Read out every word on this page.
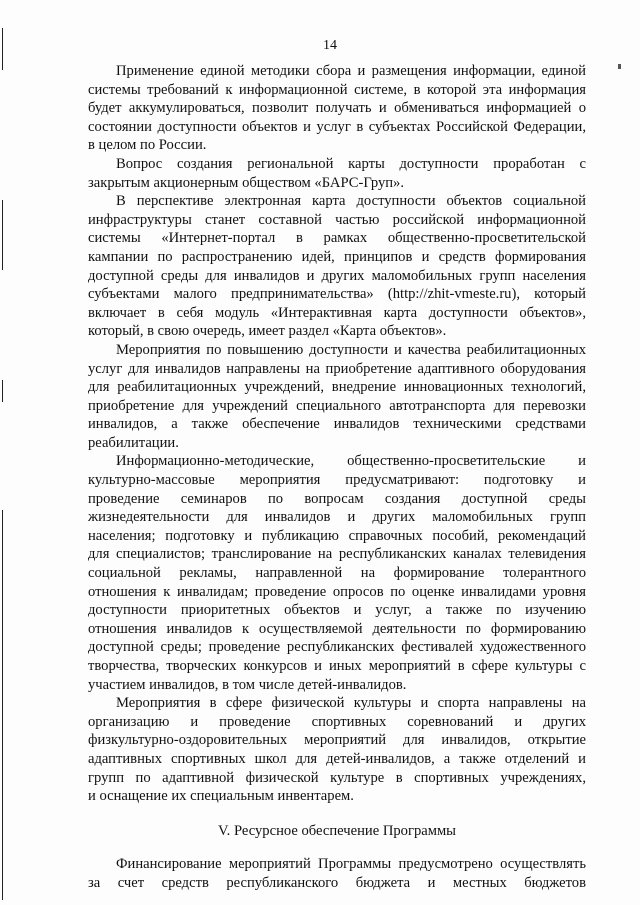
14
Применение единой методики сбора и размещения информации, единой
системы требований к информационной системе, в которой эта информация
будет аккумулироваться, позволит получать и обмениваться информацией о
состоянии доступности объектов и услуг в субъектах Российской Федерации,
в целом по России.
Вопрос создания региональной карты доступности проработан с
закрытым акционерным обществом «БАРС-Груп».
В перспективе электронная карта доступности объектов социальной
инфраструктуры станет составной частью российской информационной
системы «Интернет-портал в рамках общественно-просветительской
кампании по распространению идей, принципов и средств формирования
доступной среды для инвалидов и других маломобильных групп населения
субъектами малого предпринимательства» (http://zhit-vmeste.ru), который
включает в себя модуль «Интерактивная карта доступности объектов»,
который, в свою очередь, имеет раздел «Карта объектов».
Мероприятия по повышению доступности и качества реабилитационных
услуг для инвалидов направлены на приобретение адаптивного оборудования
для реабилитационных учреждений, внедрение инновационных технологий,
приобретение для учреждений специального автотранспорта для перевозки
инвалидов, а также обеспечение инвалидов техническими средствами
реабилитации.
Информационно-методические, общественно-просветительские и
культурно-массовые мероприятия предусматривают: подготовку и
проведение семинаров по вопросам создания доступной среды
жизнедеятельности для инвалидов и других маломобильных групп
населения; подготовку и публикацию справочных пособий, рекомендаций
для специалистов; транслирование на республиканских каналах телевидения
социальной рекламы, направленной на формирование толерантного
отношения к инвалидам; проведение опросов по оценке инвалидами уровня
доступности приоритетных объектов и услуг, а также по изучению
отношения инвалидов к осуществляемой деятельности по формированию
доступной среды; проведение республиканских фестивалей художественного
творчества, творческих конкурсов и иных мероприятий в сфере культуры с
участием инвалидов, в том числе детей-инвалидов.
Мероприятия в сфере физической культуры и спорта направлены на
организацию и проведение спортивных соревнований и других
физкультурно-оздоровительных мероприятий для инвалидов, открытие
адаптивных спортивных школ для детей-инвалидов, а также отделений и
групп по адаптивной физической культуре в спортивных учреждениях,
и оснащение их специальным инвентарем.
V. Ресурсное обеспечение Программы
Финансирование мероприятий Программы предусмотрено осуществлять
за счет средств республиканского бюджета и местных бюджетов
